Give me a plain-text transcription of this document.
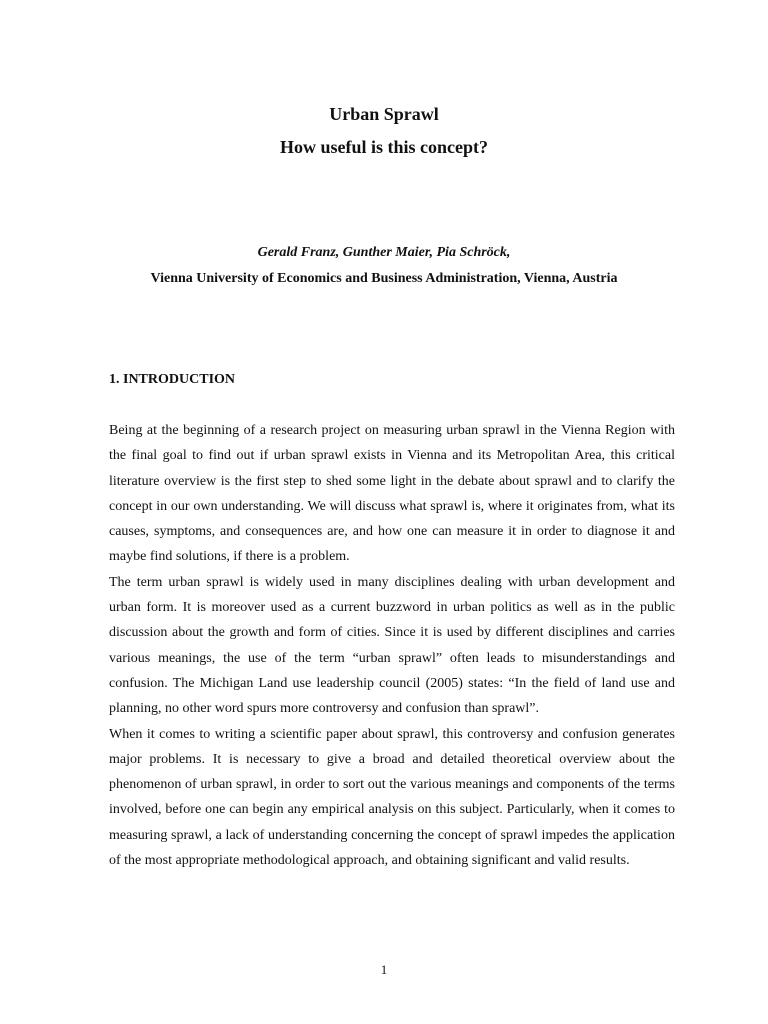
Urban Sprawl
How useful is this concept?
Gerald Franz, Gunther Maier, Pia Schröck,
Vienna University of Economics and Business Administration, Vienna, Austria
1. INTRODUCTION

Being at the beginning of a research project on measuring urban sprawl in the Vienna Region with the final goal to find out if urban sprawl exists in Vienna and its Metropolitan Area, this critical literature overview is the first step to shed some light in the debate about sprawl and to clarify the concept in our own understanding. We will discuss what sprawl is, where it originates from, what its causes, symptoms, and consequences are, and how one can measure it in order to diagnose it and maybe find solutions, if there is a problem.

The term urban sprawl is widely used in many disciplines dealing with urban development and urban form. It is moreover used as a current buzzword in urban politics as well as in the public discussion about the growth and form of cities. Since it is used by different disciplines and carries various meanings, the use of the term “urban sprawl” often leads to misunderstandings and confusion. The Michigan Land use leadership council (2005) states: “In the field of land use and planning, no other word spurs more controversy and confusion than sprawl”.

When it comes to writing a scientific paper about sprawl, this controversy and confusion generates major problems. It is necessary to give a broad and detailed theoretical overview about the phenomenon of urban sprawl, in order to sort out the various meanings and components of the terms involved, before one can begin any empirical analysis on this subject. Particularly, when it comes to measuring sprawl, a lack of understanding concerning the concept of sprawl impedes the application of the most appropriate methodological approach, and obtaining significant and valid results.

1
